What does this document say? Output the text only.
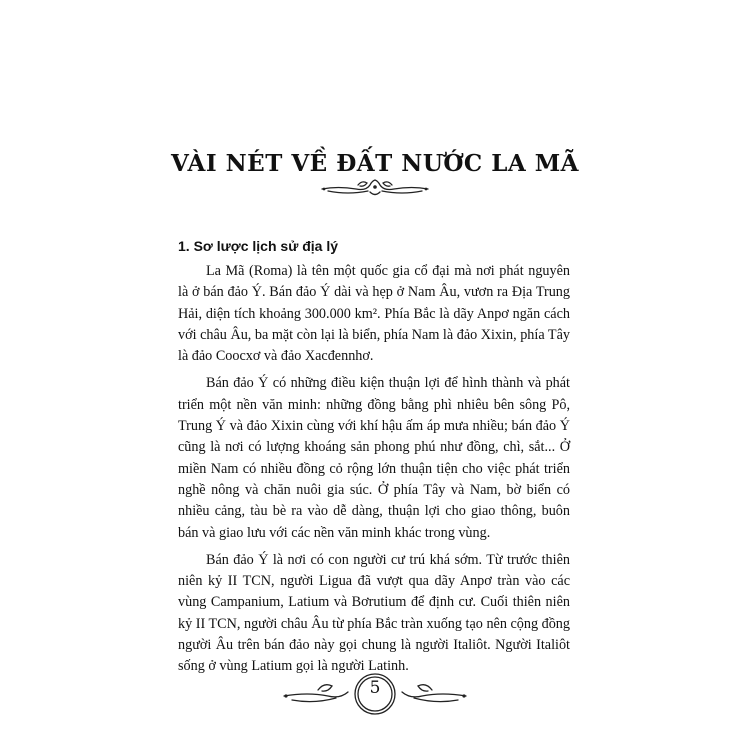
VÀI NÉT VỀ ĐẤT NƯỚC LA MÃ
1. Sơ lược lịch sử địa lý

La Mã (Roma) là tên một quốc gia cổ đại mà nơi phát nguyên là ở bán đảo Ý. Bán đảo Ý dài và hẹp ở Nam Âu, vươn ra Địa Trung Hải, diện tích khoảng 300.000 km². Phía Bắc là dãy Anpơ ngăn cách với châu Âu, ba mặt còn lại là biển, phía Nam là đảo Xixin, phía Tây là đảo Coocxơ và đảo Xacđennhơ.

Bán đảo Ý có những điều kiện thuận lợi để hình thành và phát triển một nền văn minh: những đồng bằng phì nhiêu bên sông Pô, Trung Ý và đảo Xixin cùng với khí hậu ấm áp mưa nhiều; bán đảo Ý cũng là nơi có lượng khoáng sản phong phú như đồng, chì, sắt... Ở miền Nam có nhiều đồng cỏ rộng lớn thuận tiện cho việc phát triển nghề nông và chăn nuôi gia súc. Ở phía Tây và Nam, bờ biển có nhiều cảng, tàu bè ra vào dễ dàng, thuận lợi cho giao thông, buôn bán và giao lưu với các nền văn minh khác trong vùng.

Bán đảo Ý là nơi có con người cư trú khá sớm. Từ trước thiên niên kỷ II TCN, người Ligua đã vượt qua dãy Anpơ tràn vào các vùng Campanium, Latium và Bơrutium để định cư. Cuối thiên niên kỷ II TCN, người châu Âu từ phía Bắc tràn xuống tạo nên cộng đồng người Âu trên bán đảo này gọi chung là người Italiôt. Người Italiôt sống ở vùng Latium gọi là người Latinh.

5
